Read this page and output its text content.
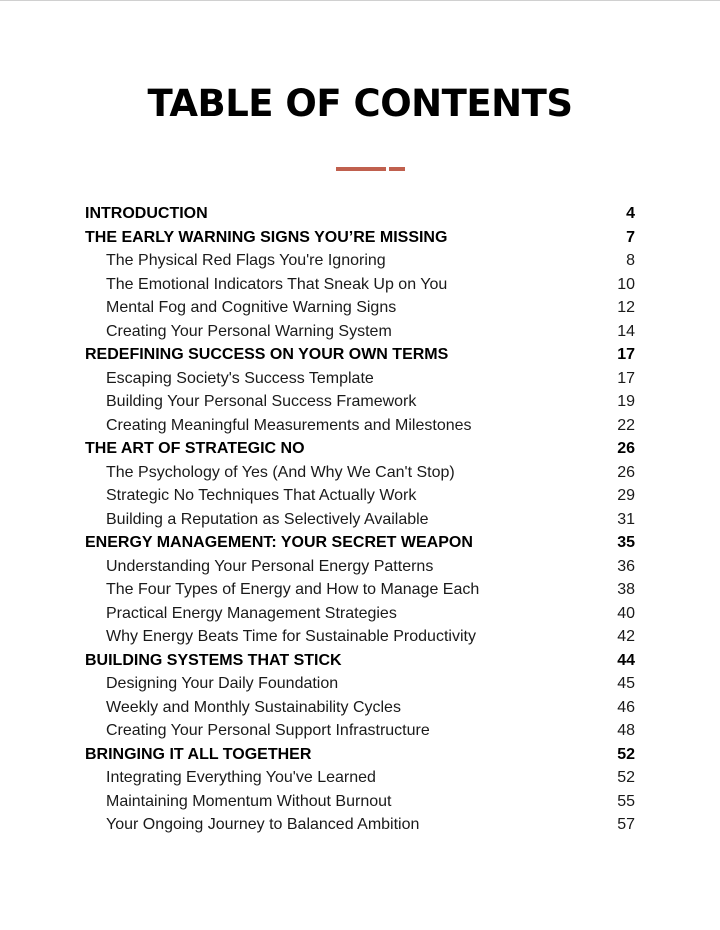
TABLE OF CONTENTS
INTRODUCTION	4
THE EARLY WARNING SIGNS YOU’RE MISSING	7
The Physical Red Flags You're Ignoring	8
The Emotional Indicators That Sneak Up on You	10
Mental Fog and Cognitive Warning Signs	12
Creating Your Personal Warning System	14
REDEFINING SUCCESS ON YOUR OWN TERMS	17
Escaping Society's Success Template	17
Building Your Personal Success Framework	19
Creating Meaningful Measurements and Milestones	22
THE ART OF STRATEGIC NO	26
The Psychology of Yes (And Why We Can't Stop)	26
Strategic No Techniques That Actually Work	29
Building a Reputation as Selectively Available	31
ENERGY MANAGEMENT: YOUR SECRET WEAPON	35
Understanding Your Personal Energy Patterns	36
The Four Types of Energy and How to Manage Each	38
Practical Energy Management Strategies	40
Why Energy Beats Time for Sustainable Productivity	42
BUILDING SYSTEMS THAT STICK	44
Designing Your Daily Foundation	45
Weekly and Monthly Sustainability Cycles	46
Creating Your Personal Support Infrastructure	48
BRINGING IT ALL TOGETHER	52
Integrating Everything You've Learned	52
Maintaining Momentum Without Burnout	55
Your Ongoing Journey to Balanced Ambition	57
